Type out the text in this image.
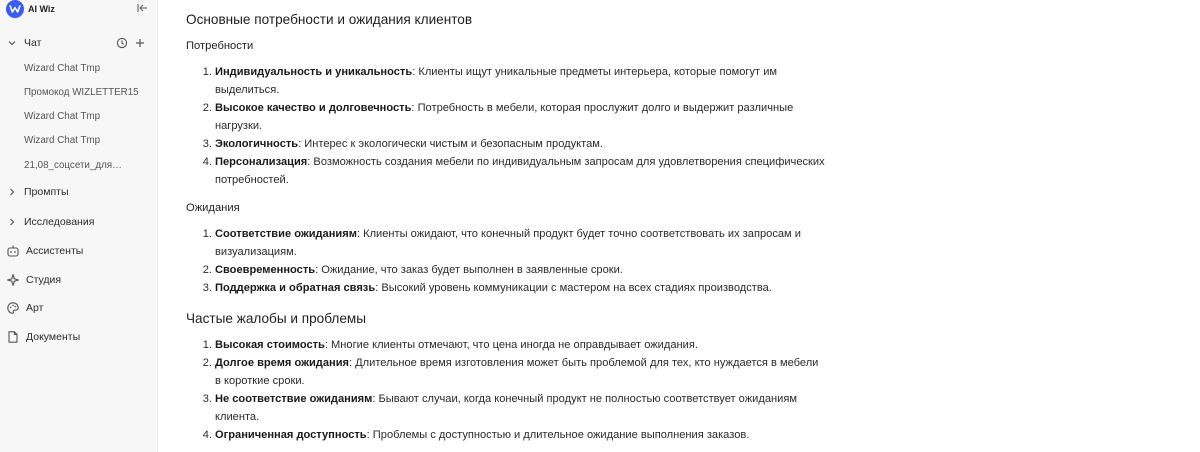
AI Wiz
Чат
Wizard Chat Tmp
Промокод WIZLETTER15
Wizard Chat Tmp
Wizard Chat Tmp
21,08_соцсети_для…
Промпты
Исследования
Ассистенты
Студия
Арт
Документы
Основные потребности и ожидания клиентов
Потребности
1. Индивидуальность и уникальность: Клиенты ищут уникальные предметы интерьера, которые помогут им
выделиться.
2. Высокое качество и долговечность: Потребность в мебели, которая прослужит долго и выдержит различные
нагрузки.
3. Экологичность: Интерес к экологически чистым и безопасным продуктам.
4. Персонализация: Возможность создания мебели по индивидуальным запросам для удовлетворения специфических
потребностей.
Ожидания
1. Соответствие ожиданиям: Клиенты ожидают, что конечный продукт будет точно соответствовать их запросам и
визуализациям.
2. Своевременность: Ожидание, что заказ будет выполнен в заявленные сроки.
3. Поддержка и обратная связь: Высокий уровень коммуникации с мастером на всех стадиях производства.
Частые жалобы и проблемы
1. Высокая стоимость: Многие клиенты отмечают, что цена иногда не оправдывает ожидания.
2. Долгое время ожидания: Длительное время изготовления может быть проблемой для тех, кто нуждается в мебели
в короткие сроки.
3. Не соответствие ожиданиям: Бывают случаи, когда конечный продукт не полностью соответствует ожиданиям
клиента.
4. Ограниченная доступность: Проблемы с доступностью и длительное ожидание выполнения заказов.
